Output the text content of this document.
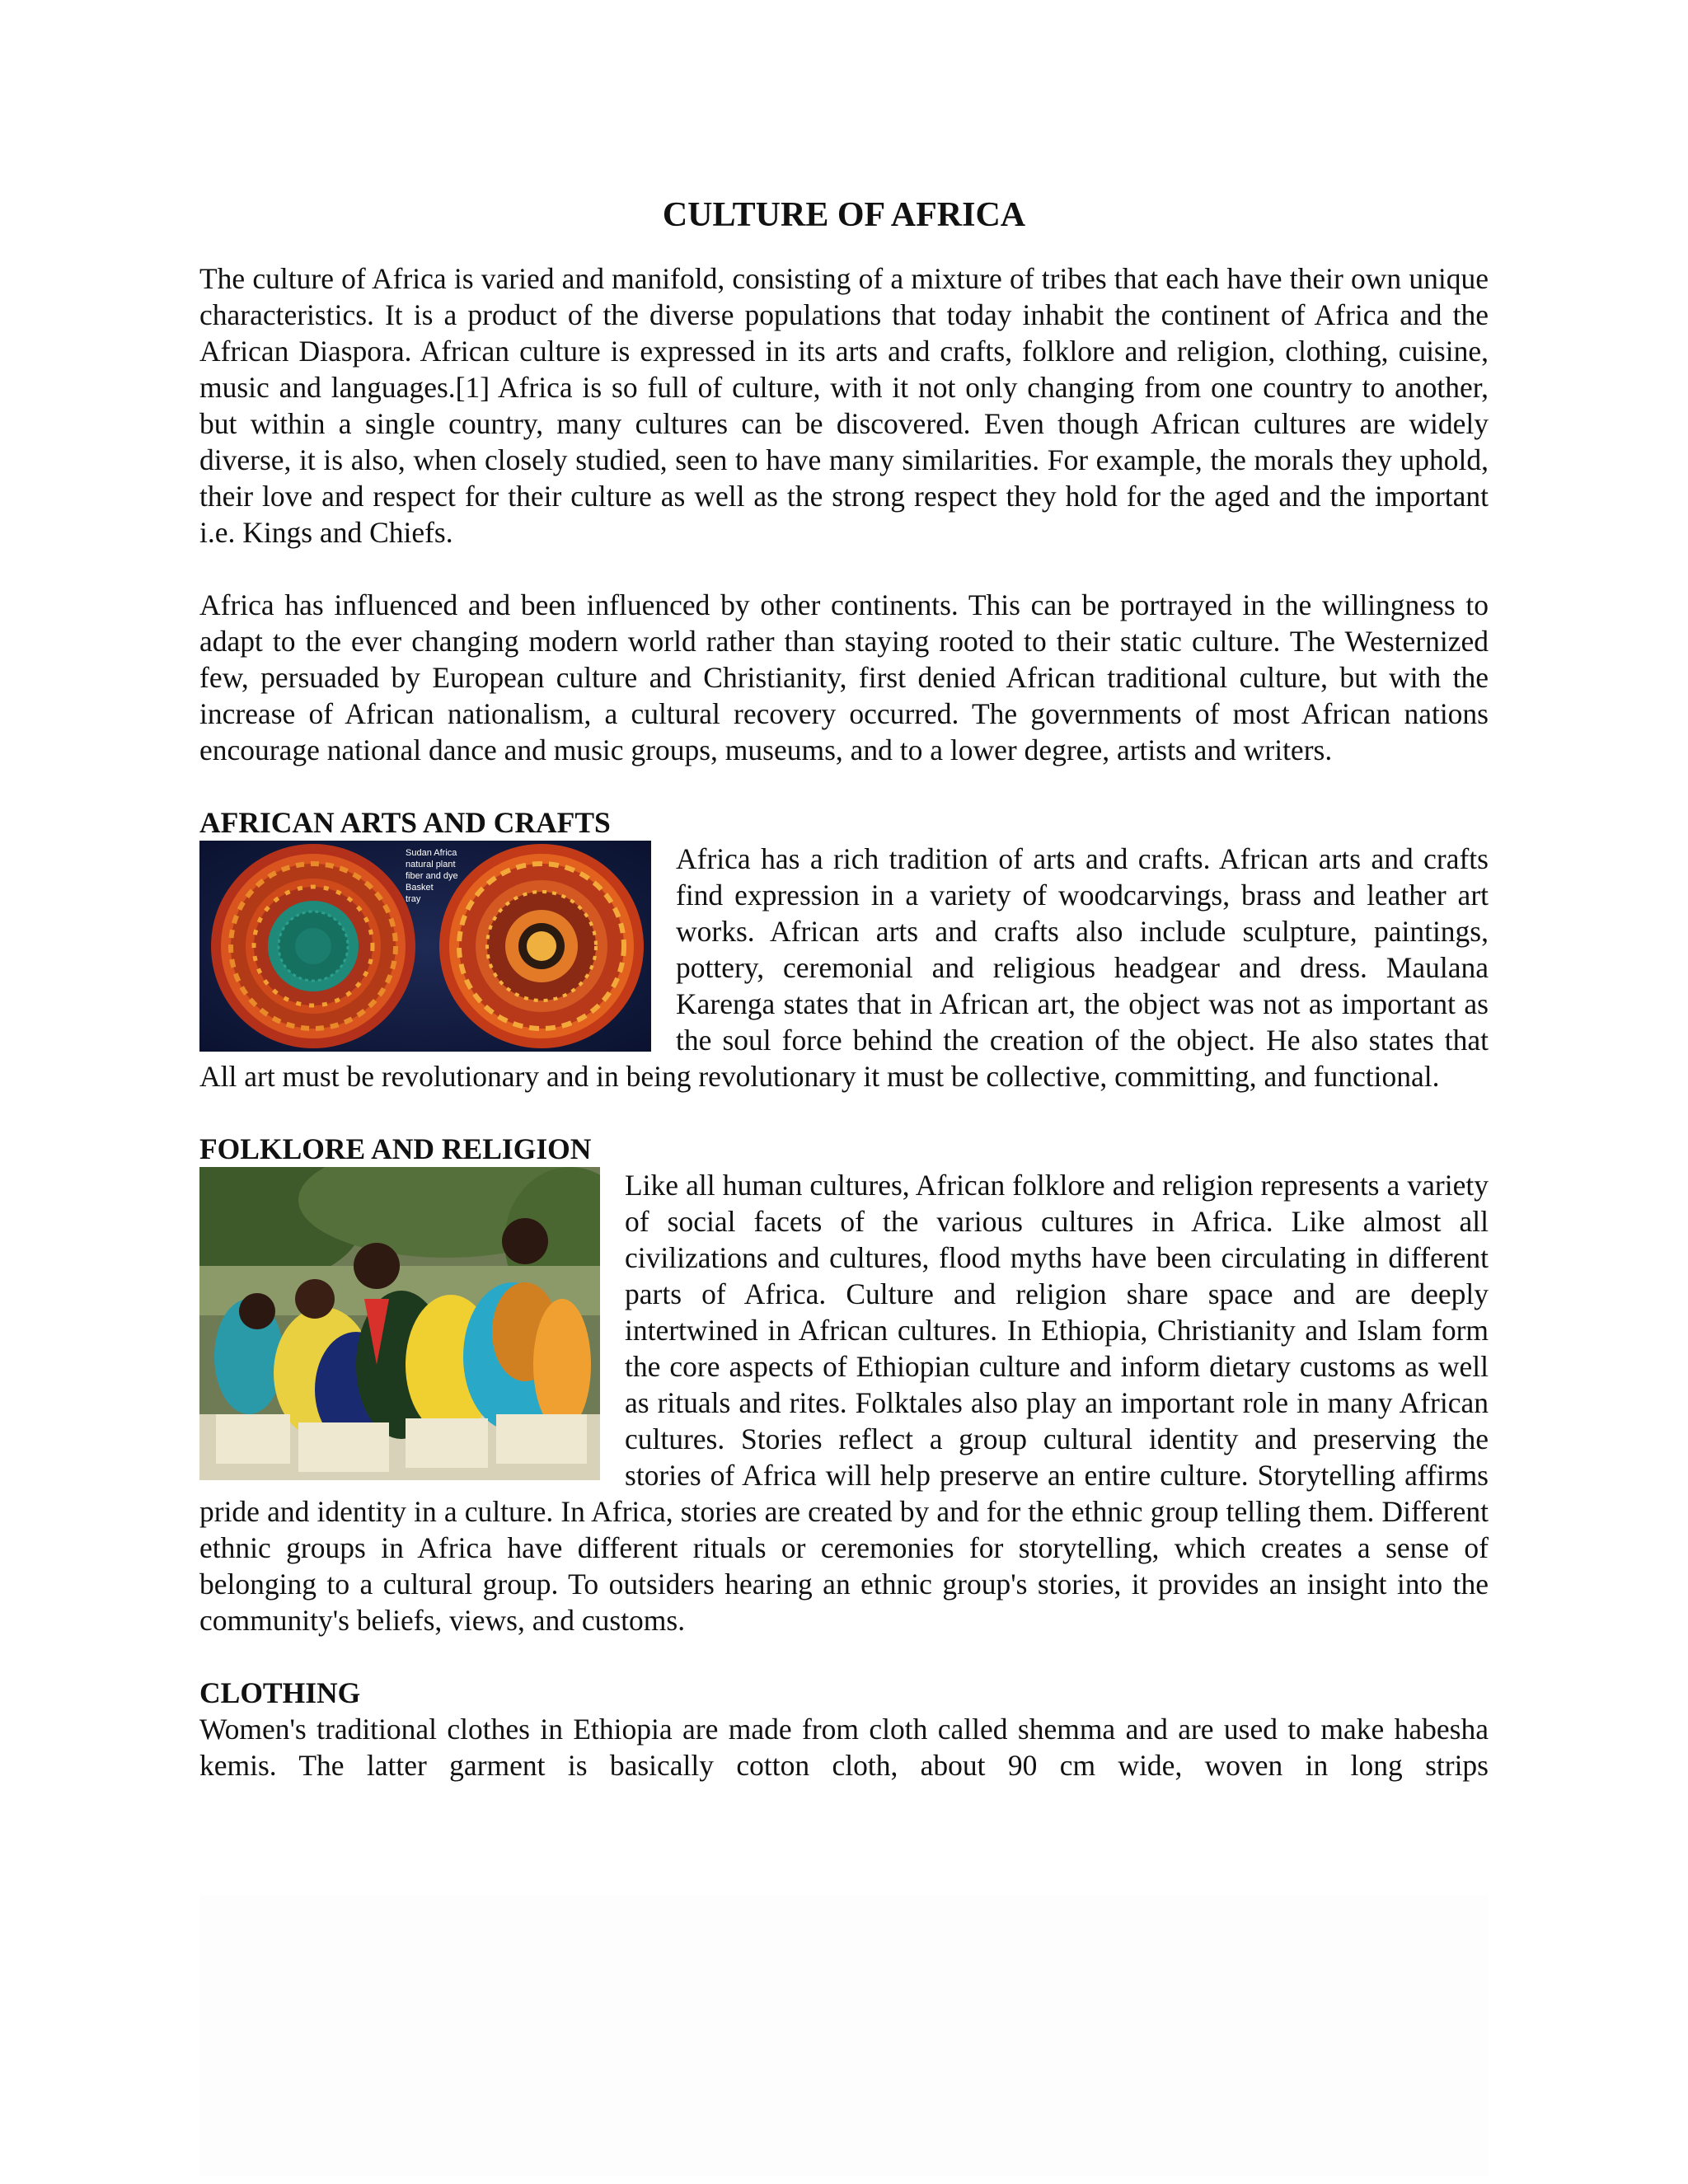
CULTURE OF AFRICA

The culture of Africa is varied and manifold, consisting of a mixture of tribes that each have their own unique characteristics. It is a product of the diverse populations that today inhabit the continent of Africa and the African Diaspora. African culture is expressed in its arts and crafts, folklore and religion, clothing, cuisine, music and languages.[1] Africa is so full of culture, with it not only changing from one country to another, but within a single country, many cultures can be discovered. Even though African cultures are widely diverse, it is also, when closely studied, seen to have many similarities. For example, the morals they uphold, their love and respect for their culture as well as the strong respect they hold for the aged and the important i.e. Kings and Chiefs.

Africa has influenced and been influenced by other continents. This can be portrayed in the willingness to adapt to the ever changing modern world rather than staying rooted to their static culture. The Westernized few, persuaded by European culture and Christianity, first denied African traditional culture, but with the increase of African nationalism, a cultural recovery occurred. The governments of most African nations encourage national dance and music groups, museums, and to a lower degree, artists and writers.

AFRICAN ARTS AND CRAFTS
Sudan Africa
natural plant
fiber and dye
Basket
tray

Africa has a rich tradition of arts and crafts. African arts and crafts find expression in a variety of woodcarvings, brass and leather art works. African arts and crafts also include sculpture, paintings, pottery, ceremonial and religious headgear and dress. Maulana Karenga states that in African art, the object was not as important as the soul force behind the creation of the object. He also states that All art must be revolutionary and in being revolutionary it must be collective, committing, and functional.

FOLKLORE AND RELIGION

Like all human cultures, African folklore and religion represents a variety of social facets of the various cultures in Africa. Like almost all civilizations and cultures, flood myths have been circulating in different parts of Africa. Culture and religion share space and are deeply intertwined in African cultures. In Ethiopia, Christianity and Islam form the core aspects of Ethiopian culture and inform dietary customs as well as rituals and rites. Folktales also play an important role in many African cultures. Stories reflect a group cultural identity and preserving the stories of Africa will help preserve an entire culture. Storytelling affirms pride and identity in a culture. In Africa, stories are created by and for the ethnic group telling them. Different ethnic groups in Africa have different rituals or ceremonies for storytelling, which creates a sense of belonging to a cultural group. To outsiders hearing an ethnic group's stories, it provides an insight into the community's beliefs, views, and customs.

CLOTHING

Women's traditional clothes in Ethiopia are made from cloth called shemma and are used to make habesha kemis. The latter garment is basically cotton cloth, about 90 cm wide, woven in long strips
